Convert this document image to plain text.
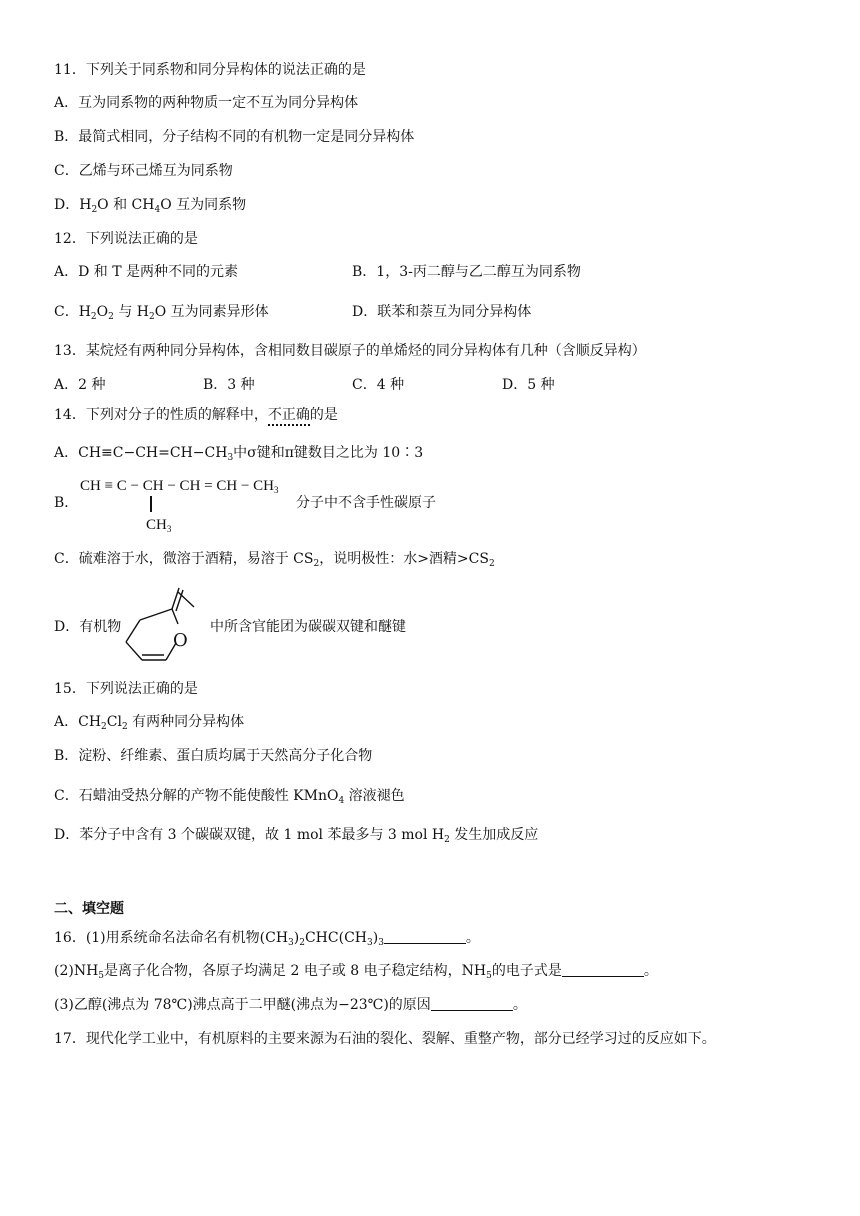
11．下列关于同系物和同分异构体的说法正确的是
A．互为同系物的两种物质一定不互为同分异构体
B．最简式相同，分子结构不同的有机物一定是同分异构体
C．乙烯与环己烯互为同系物
D．$H_2O$ 和 $CH_4O$ 互为同系物
12．下列说法正确的是
A．D 和 T 是两种不同的元素	B．1，3-丙二醇与乙二醇互为同系物
C．$H_2O_2$ 与 $H_2O$ 互为同素异形体	D．联苯和萘互为同分异构体
13．某烷烃有两种同分异构体，含相同数目碳原子的单烯烃的同分异构体有几种（含顺反异构）
A．2 种	B．3 种	C．4 种	D．5 种
14．下列对分子的性质的解释中，不正确的是
A．$CH\equiv C-CH=CH-CH_3$中σ键和π键数目之比为 10∶3
B．
CH ≡ C − CH − CH = CH − $CH_3$
$CH_3$
分子中不含手性碳原子
C．硫难溶于水，微溶于酒精，易溶于 $CS_2$，说明极性：水>酒精$>CS_2$
D．有机物
O
中所含官能团为碳碳双键和醚键
15．下列说法正确的是
A．$CH_2Cl_2$ 有两种同分异构体
B．淀粉、纤维素、蛋白质均属于天然高分子化合物
C．石蜡油受热分解的产物不能使酸性 KMnO$_4$ 溶液褪色
D．苯分子中含有 3 个碳碳双键，故 1 mol 苯最多与 3 mol $H_2$ 发生加成反应
二、填空题
16．(1)用系统命名法命名有机物$(CH_3)_2CHC(CH_3)_3$	。
$(2)NH_5$是离子化合物，各原子均满足 2 电子或 8 电子稳定结构，$NH_5$的电子式是	。
(3)乙醇(沸点为 78℃)沸点高于二甲醚(沸点为−23℃)的原因	。
17．现代化学工业中，有机原料的主要来源为石油的裂化、裂解、重整产物，部分已经学习过的反应如下。
